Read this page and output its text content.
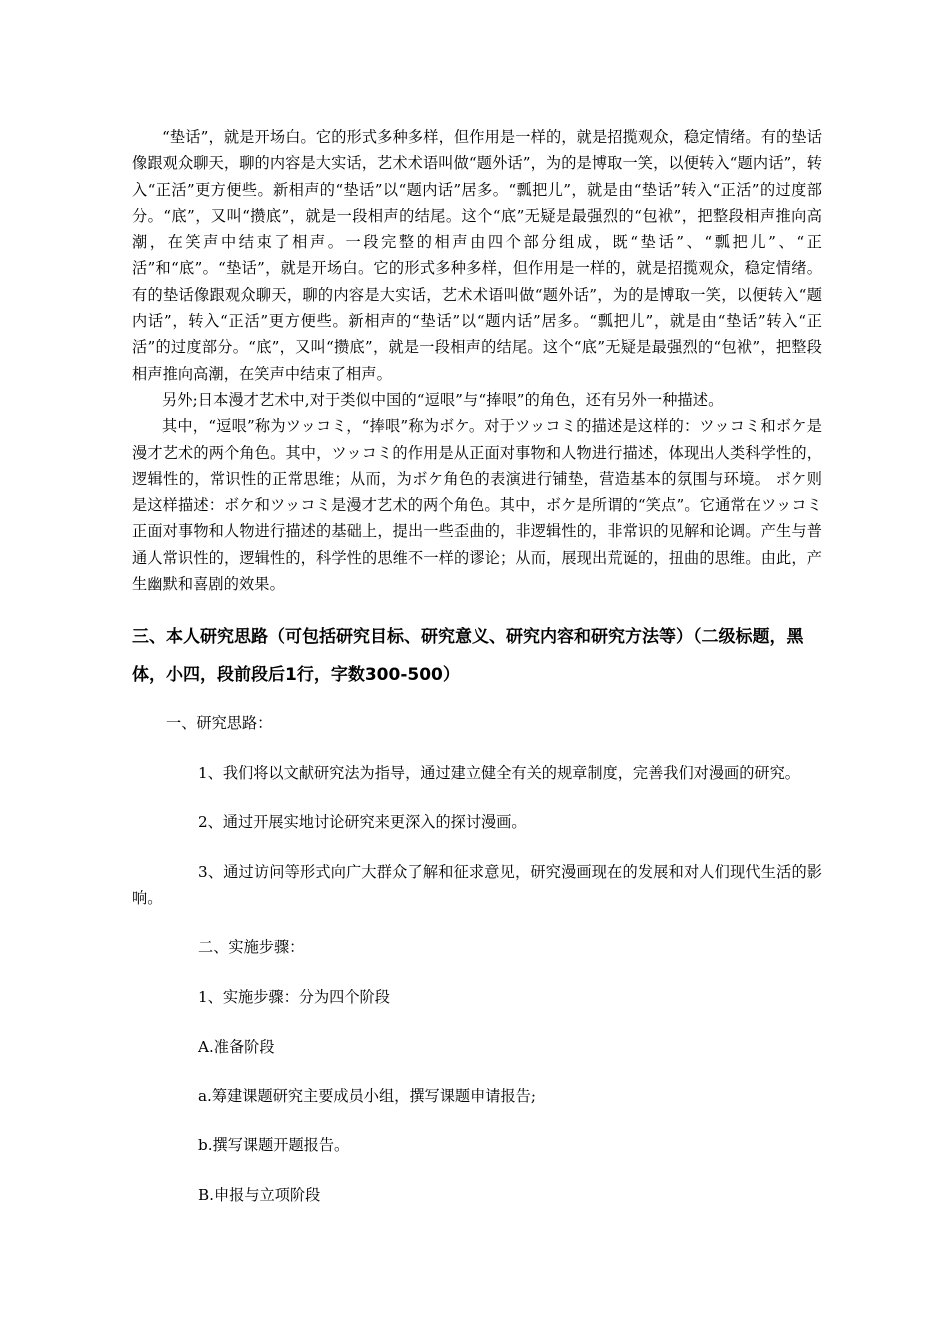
“垫话”，就是开场白。它的形式多种多样，但作用是一样的，就是招揽观众，稳定情绪。有的垫话像跟观众聊天，聊的内容是大实话，艺术术语叫做“题外话”，为的是博取一笑，以便转入“题内话”，转入“正活”更方便些。新相声的“垫话”以“题内话”居多。“瓢把儿”，就是由“垫话”转入“正活”的过度部分。“底”，又叫“攒底”，就是一段相声的结尾。这个“底”无疑是最强烈的“包袱”，把整段相声推向高潮，在笑声中结束了相声。一段完整的相声由四个部分组成，既“垫话”、“瓢把儿”、“正活”和“底”。“垫话”，就是开场白。它的形式多种多样，但作用是一样的，就是招揽观众，稳定情绪。有的垫话像跟观众聊天，聊的内容是大实话，艺术术语叫做“题外话”，为的是博取一笑，以便转入“题内话”，转入“正活”更方便些。新相声的“垫话”以“题内话”居多。“瓢把儿”，就是由“垫话”转入“正活”的过度部分。“底”，又叫“攒底”，就是一段相声的结尾。这个“底”无疑是最强烈的“包袱”，把整段相声推向高潮，在笑声中结束了相声。

另外;日本漫才艺术中,对于类似中国的“逗哏”与“捧哏”的角色，还有另外一种描述。

其中，“逗哏”称为ツッコミ，“捧哏”称为ボケ。对于ツッコミ的描述是这样的：ツッコミ和ボケ是漫才艺术的两个角色。其中，ツッコミ的作用是从正面对事物和人物进行描述，体现出人类科学性的，逻辑性的，常识性的正常思维；从而，为ボケ角色的表演进行铺垫，营造基本的氛围与环境。 ボケ则是这样描述：ボケ和ツッコミ是漫才艺术的两个角色。其中，ボケ是所谓的“笑点”。它通常在ツッコミ正面对事物和人物进行描述的基础上，提出一些歪曲的，非逻辑性的，非常识的见解和论调。产生与普通人常识性的，逻辑性的，科学性的思维不一样的谬论；从而，展现出荒诞的，扭曲的思维。由此，产生幽默和喜剧的效果。

三、本人研究思路（可包括研究目标、研究意义、研究内容和研究方法等）（二级标题，黑体，小四，段前段后1行，字数300-500）
一、研究思路：
1、我们将以文献研究法为指导，通过建立健全有关的规章制度，完善我们对漫画的研究。
2、通过开展实地讨论研究来更深入的探讨漫画。
3、通过访问等形式向广大群众了解和征求意见，研究漫画现在的发展和对人们现代生活的影响。
二、实施步骤：
1、实施步骤：分为四个阶段
A.准备阶段
a.筹建课题研究主要成员小组，撰写课题申请报告;
b.撰写课题开题报告。
B.申报与立项阶段
